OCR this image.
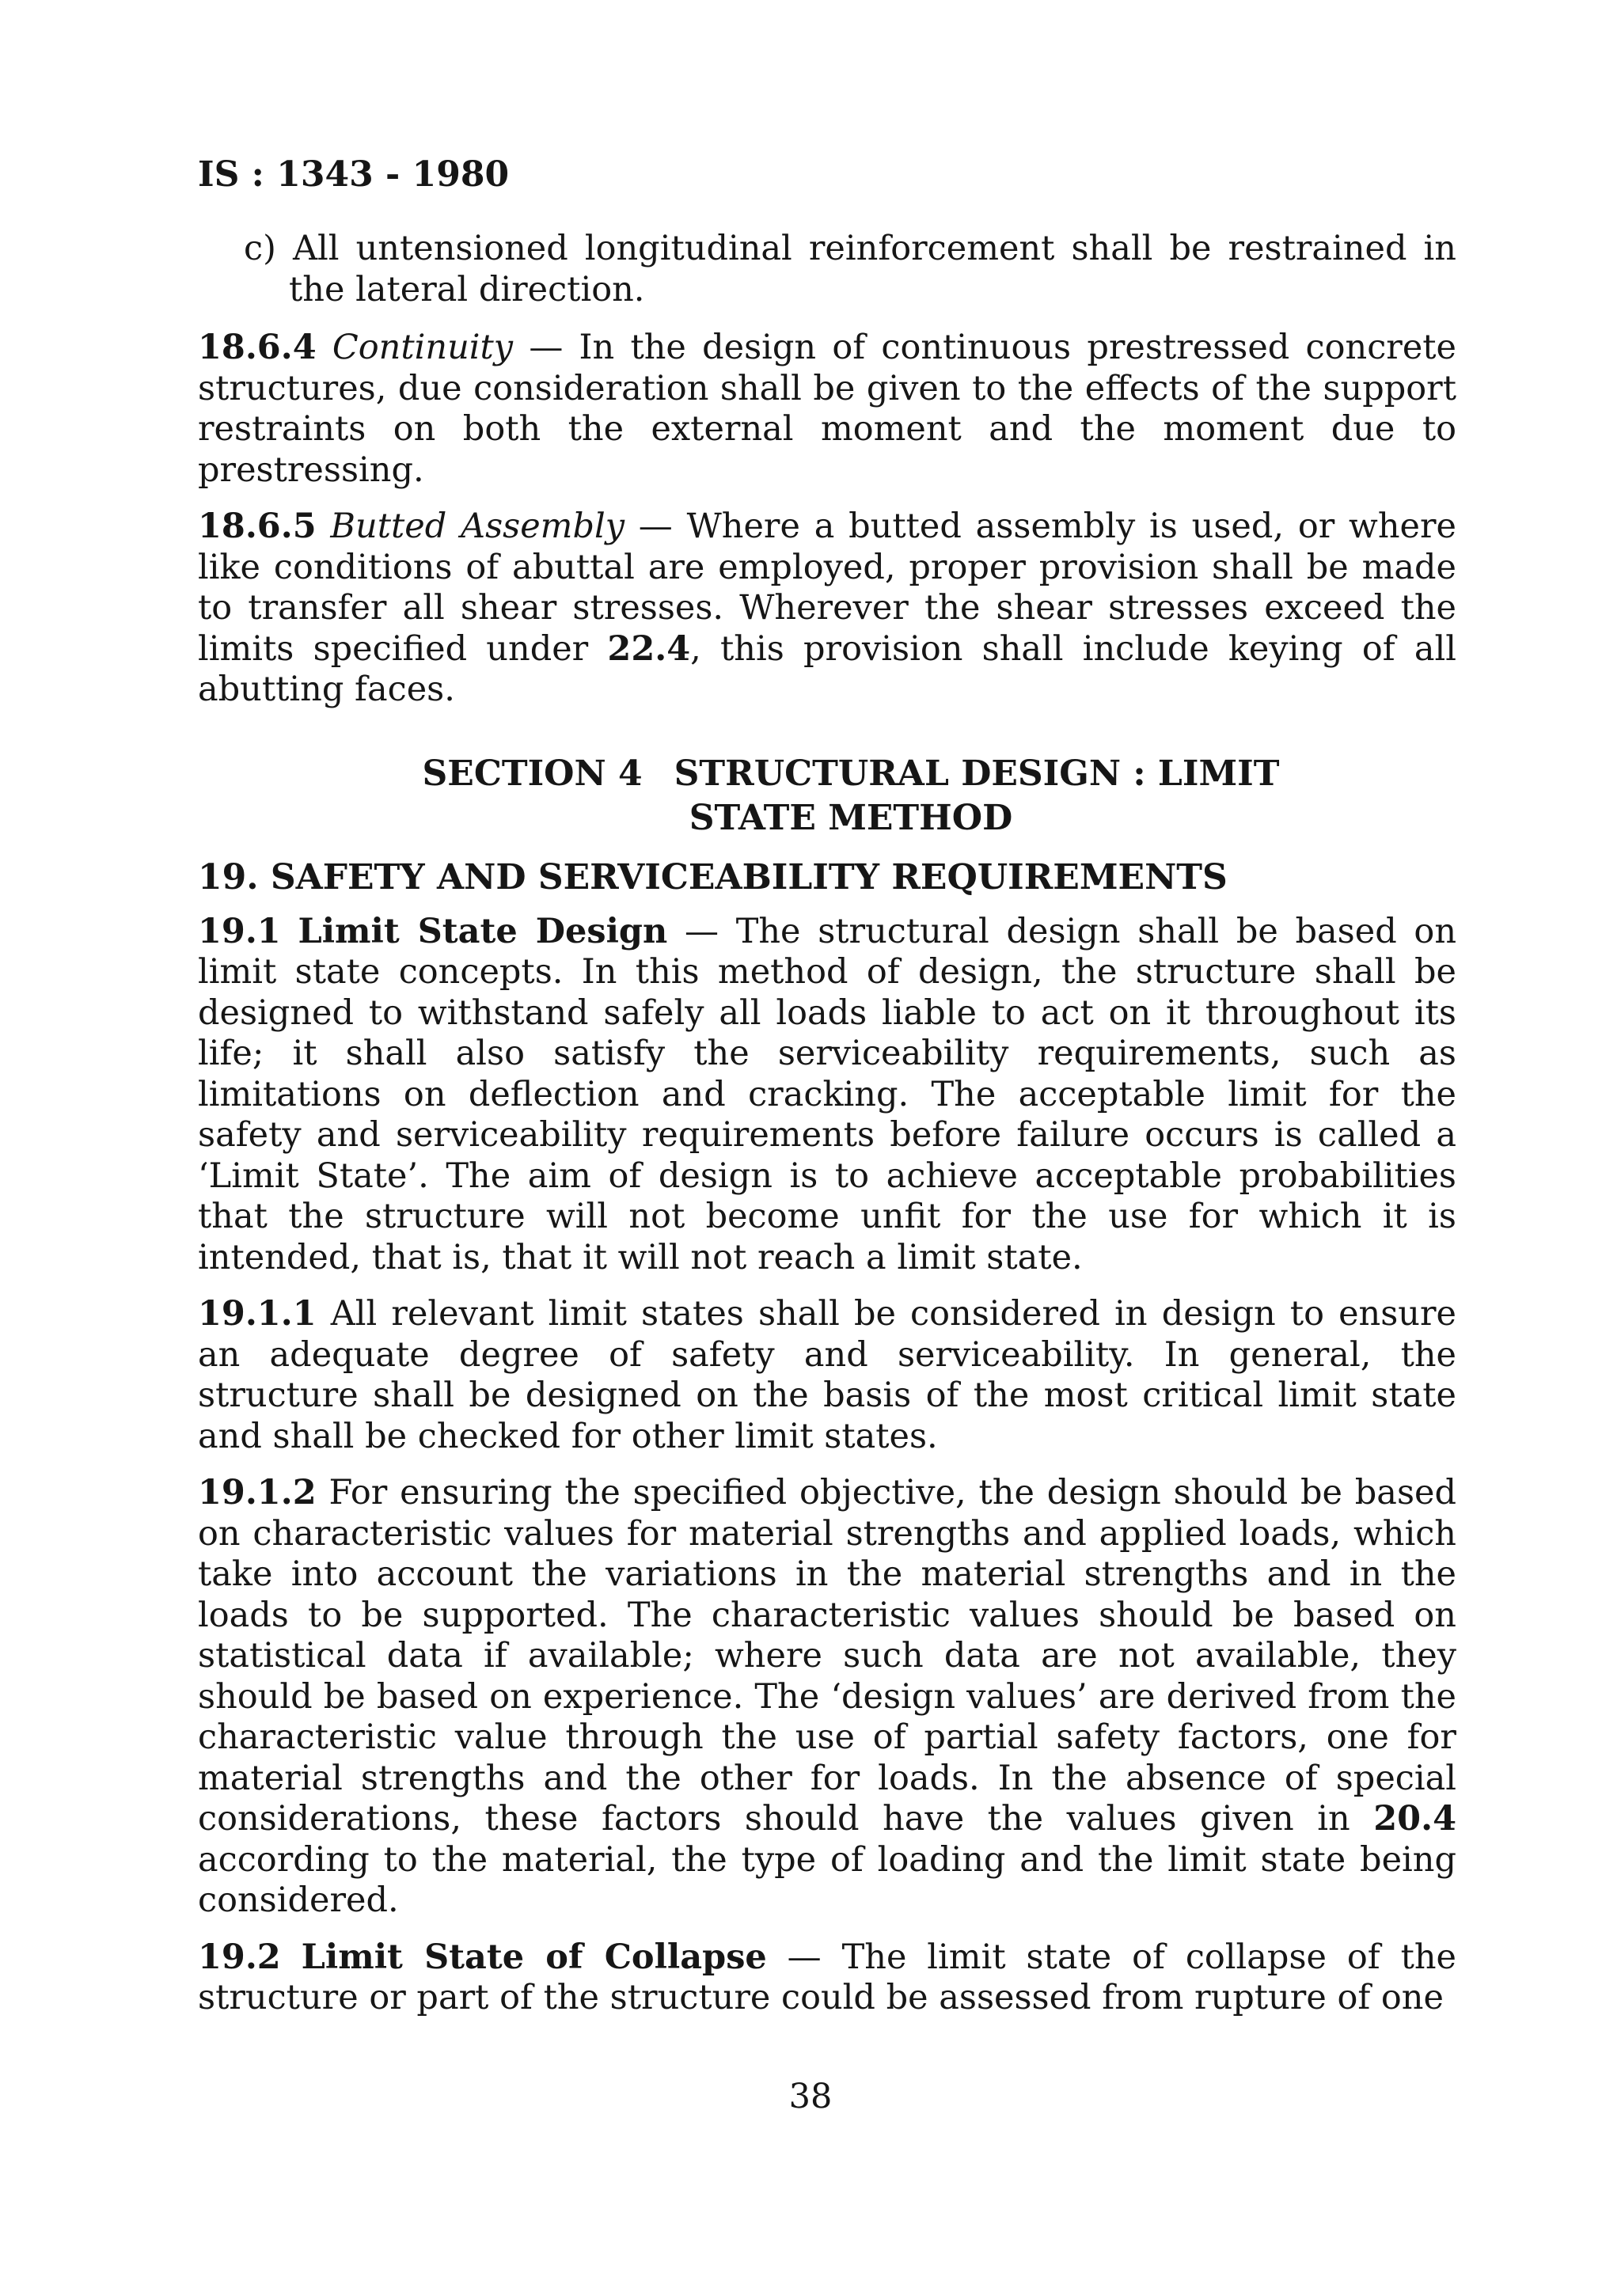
IS : 1343 - 1980

c) All untensioned longitudinal reinforcement shall be restrained in the lateral direction.

18.6.4 Continuity — In the design of continuous prestressed concrete structures, due consideration shall be given to the effects of the support restraints on both the external moment and the moment due to prestressing.

18.6.5 Butted Assembly — Where a butted assembly is used, or where like conditions of abuttal are employed, proper provision shall be made to transfer all shear stresses. Wherever the shear stresses exceed the limits specified under 22.4, this provision shall include keying of all abutting faces.

SECTION 4 STRUCTURAL DESIGN : LIMIT
STATE METHOD
19. SAFETY AND SERVICEABILITY REQUIREMENTS

19.1 Limit State Design — The structural design shall be based on limit state concepts. In this method of design, the structure shall be designed to withstand safely all loads liable to act on it throughout its life; it shall also satisfy the serviceability requirements, such as limitations on deflection and cracking. The acceptable limit for the safety and serviceability requirements before failure occurs is called a ‘Limit State’. The aim of design is to achieve acceptable probabilities that the structure will not become unfit for the use for which it is intended, that is, that it will not reach a limit state.

19.1.1 All relevant limit states shall be considered in design to ensure an adequate degree of safety and serviceability. In general, the structure shall be designed on the basis of the most critical limit state and shall be checked for other limit states.

19.1.2 For ensuring the specified objective, the design should be based on characteristic values for material strengths and applied loads, which take into account the variations in the material strengths and in the loads to be supported. The characteristic values should be based on statistical data if available; where such data are not available, they should be based on experience. The ‘design values’ are derived from the characteristic value through the use of partial safety factors, one for material strengths and the other for loads. In the absence of special considerations, these factors should have the values given in 20.4 according to the material, the type of loading and the limit state being considered.

19.2 Limit State of Collapse — The limit state of collapse of the structure or part of the structure could be assessed from rupture of one

38
